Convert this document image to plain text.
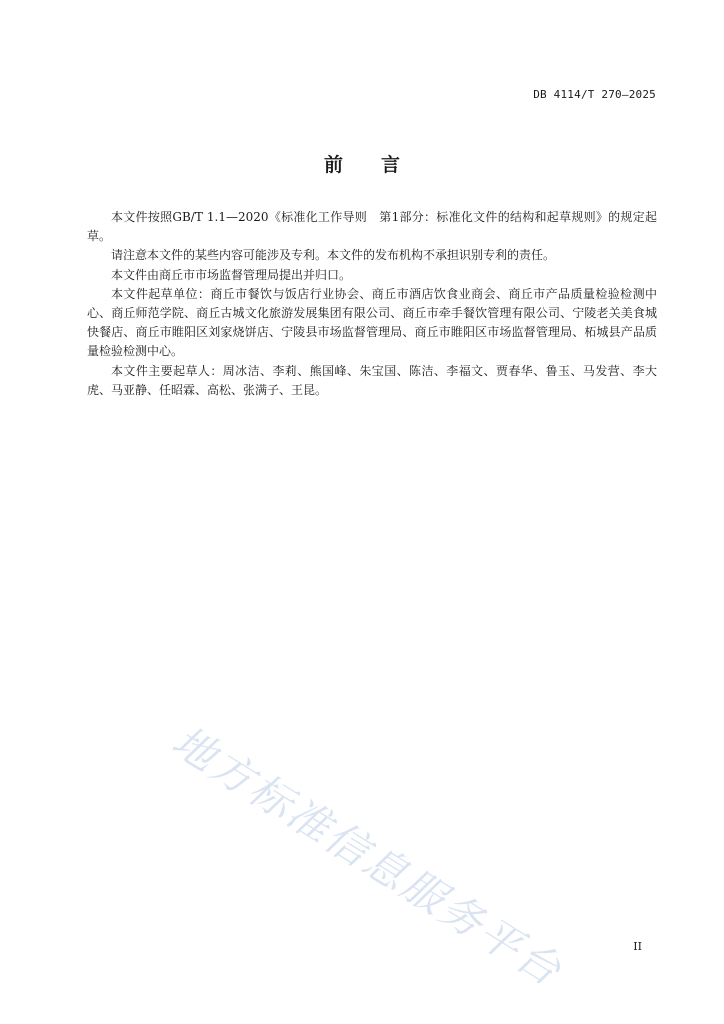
DB 4114/T 270—2025
前 言

本文件按照GB/T 1.1—2020《标准化工作导则　第1部分：标准化文件的结构和起草规则》的规定起草。

请注意本文件的某些内容可能涉及专利。本文件的发布机构不承担识别专利的责任。

本文件由商丘市市场监督管理局提出并归口。

本文件起草单位：商丘市餐饮与饭店行业协会、商丘市酒店饮食业商会、商丘市产品质量检验检测中心、商丘师范学院、商丘古城文化旅游发展集团有限公司、商丘市牵手餐饮管理有限公司、宁陵老关美食城快餐店、商丘市睢阳区刘家烧饼店、宁陵县市场监督管理局、商丘市睢阳区市场监督管理局、柘城县产品质量检验检测中心。

本文件主要起草人：周冰洁、李莉、熊国峰、朱宝国、陈洁、李福文、贾春华、鲁玉、马发营、李大虎、马亚静、任昭霖、高松、张满子、王昆。

地方标准信息服务平台	II
